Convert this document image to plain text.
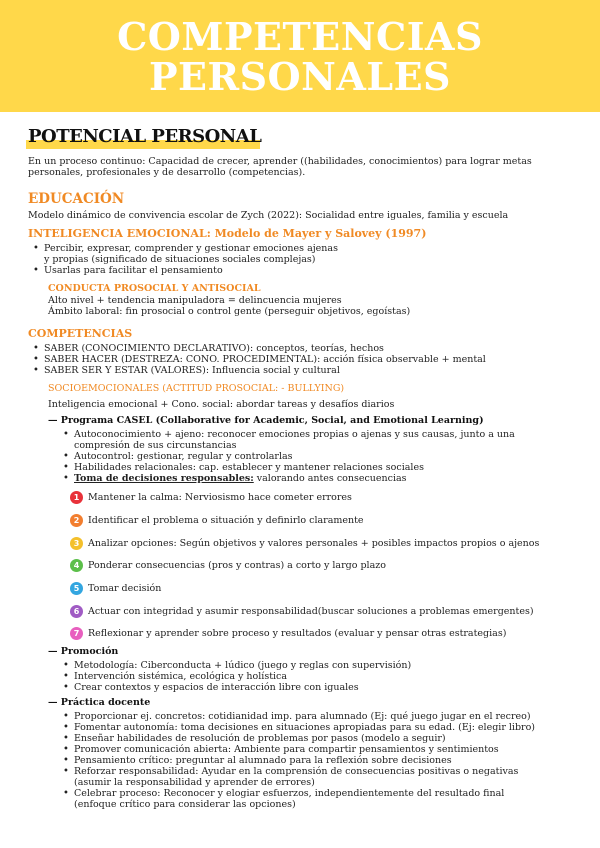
COMPETENCIAS
PERSONALES
POTENCIAL PERSONAL
En un proceso continuo: Capacidad de crecer, aprender ((habilidades, conocimientos) para lograr metas
personales, profesionales y de desarrollo (competencias).
EDUCACIÓN
Modelo dinámico de convivencia escolar de Zych (2022): Socialidad entre iguales, familia y escuela
INTELIGENCIA EMOCIONAL: Modelo de Mayer y Salovey (1997)
• Percibir, expresar, comprender y gestionar emociones ajenas
y propias (significado de situaciones sociales complejas)
• Usarlas para facilitar el pensamiento
CONDUCTA PROSOCIAL Y ANTISOCIAL
Alto nivel + tendencia manipuladora = delincuencia mujeres
Ámbito laboral: fin prosocial o control gente (perseguir objetivos, egoístas)
COMPETENCIAS
• SABER (CONOCIMIENTO DECLARATIVO): conceptos, teorías, hechos
• SABER HACER (DESTREZA: CONO. PROCEDIMENTAL): acción física observable + mental
• SABER SER Y ESTAR (VALORES): Influencia social y cultural
SOCIOEMOCIONALES (ACTITUD PROSOCIAL: - BULLYING)
Inteligencia emocional + Cono. social: abordar tareas y desafíos diarios
— Programa CASEL (Collaborative for Academic, Social, and Emotional Learning)
• Autoconocimiento + ajeno: reconocer emociones propias o ajenas y sus causas, junto a una
compresión de sus circunstancias
• Autocontrol: gestionar, regular y controlarlas
• Habilidades relacionales: cap. establecer y mantener relaciones sociales
• Toma de decisiones responsables: valorando antes consecuencias
1 Mantener la calma: Nerviosismo hace cometer errores
2 Identificar el problema o situación y definirlo claramente
3 Analizar opciones: Según objetivos y valores personales + posibles impactos propios o ajenos
4 Ponderar consecuencias (pros y contras) a corto y largo plazo
5 Tomar decisión
6 Actuar con integridad y asumir responsabilidad(buscar soluciones a problemas emergentes)
7 Reflexionar y aprender sobre proceso y resultados (evaluar y pensar otras estrategias)
— Promoción
• Metodología: Ciberconducta + lúdico (juego y reglas con supervisión)
• Intervención sistémica, ecológica y holística
• Crear contextos y espacios de interacción libre con iguales
— Práctica docente
• Proporcionar ej. concretos: cotidianidad imp. para alumnado (Ej: qué juego jugar en el recreo)
• Fomentar autonomía: toma decisiones en situaciones apropiadas para su edad. (Ej: elegir libro)
• Enseñar habilidades de resolución de problemas por pasos (modelo a seguir)
• Promover comunicación abierta: Ambiente para compartir pensamientos y sentimientos
• Pensamiento crítico: preguntar al alumnado para la reflexión sobre decisiones
• Reforzar responsabilidad: Ayudar en la comprensión de consecuencias positivas o negativas
(asumir la responsabilidad y aprender de errores)
• Celebrar proceso: Reconocer y elogiar esfuerzos, independientemente del resultado final
(enfoque crítico para considerar las opciones)
